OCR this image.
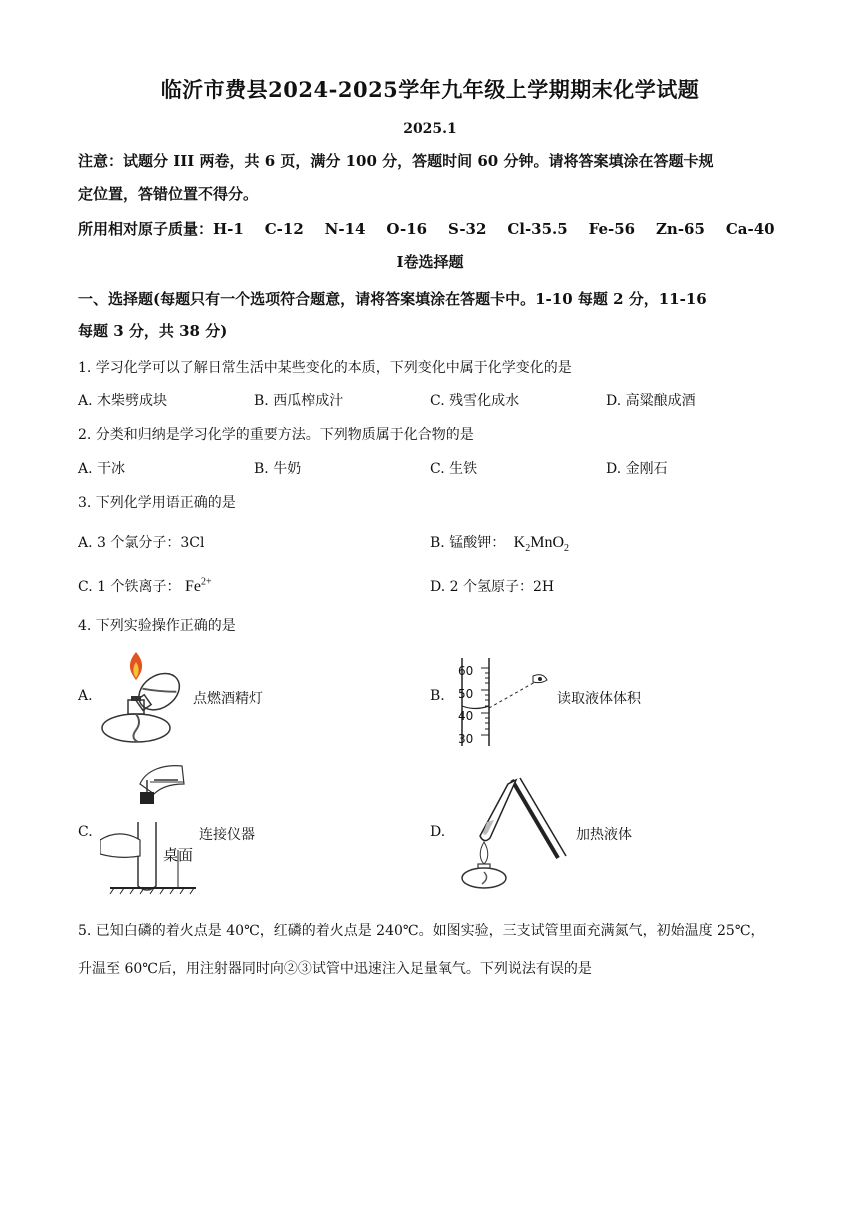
临沂市费县2024-2025学年九年级上学期期末化学试题
2025.1
注意：试题分 III 两卷，共 6 页，满分 100 分，答题时间 60 分钟。请将答案填涂在答题卡规
定位置，答错位置不得分。
所用相对原子质量：H-1    C-12    N-14    O-16    S-32    Cl-35.5    Fe-56    Zn-65    Ca-40
Ⅰ卷选择题
一、选择题(每题只有一个选项符合题意，请将答案填涂在答题卡中。1-10 每题 2 分，11-16
每题 3 分，共 38 分)
1. 学习化学可以了解日常生活中某些变化的本质，下列变化中属于化学变化的是
A. 木柴劈成块	B. 西瓜榨成汁	C. 残雪化成水	D. 高粱酿成酒
2. 分类和归纳是学习化学的重要方法。下列物质属于化合物的是
A. 干冰	B. 牛奶	C. 生铁	D. 金刚石
3. 下列化学用语正确的是
A. 3 个氯分子：3Cl	B. 锰酸钾： $K_2MnO_2$
C. 1 个铁离子： $Fe^{2+}$	D. 2 个氢原子：2H
4. 下列实验操作正确的是
A.	点燃酒精灯	B.
60
50
40
30
读取液体体积
C.
桌面
连接仪器	D.	加热液体
5. 已知白磷的着火点是 40℃，红磷的着火点是 240℃。如图实验，三支试管里面充满氮气，初始温度 25℃，
升温至 60℃后，用注射器同时向②③试管中迅速注入足量氧气。下列说法有误的是
